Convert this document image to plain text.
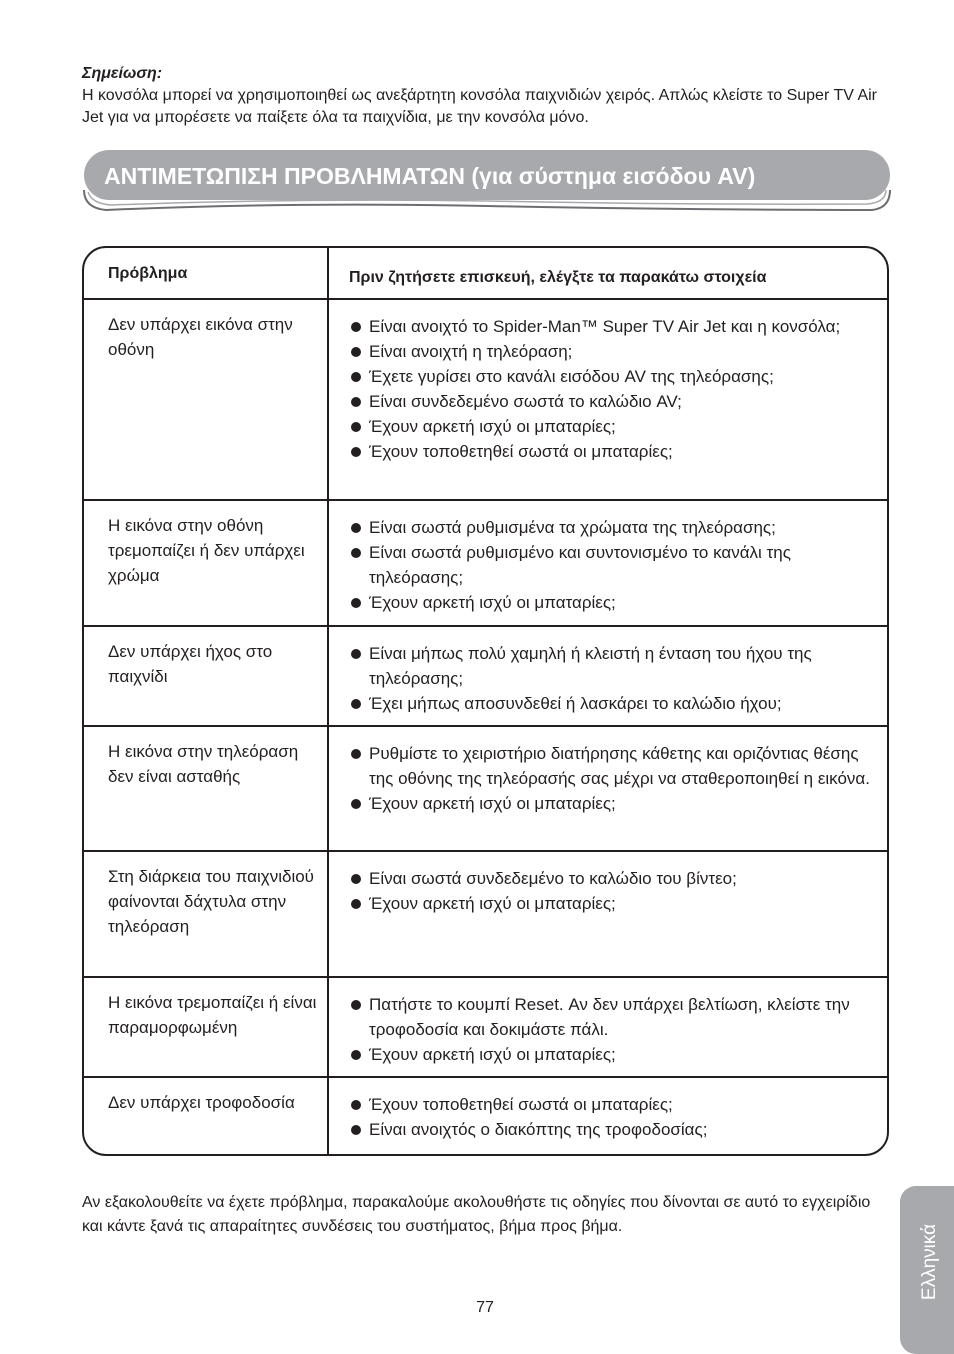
Σημείωση:
Η κονσόλα μπορεί να χρησιμοποιηθεί ως ανεξάρτητη κονσόλα παιχνιδιών χειρός. Απλώς κλείστε το Super TV Air Jet για να μπορέσετε να παίξετε όλα τα παιχνίδια, με την κονσόλα μόνο.
ΑΝΤΙΜΕΤΩΠΙΣΗ ΠΡΟΒΛΗΜΑΤΩΝ (για σύστημα εισόδου AV)
Πρόβλημα	Πριν ζητήσετε επισκευή, ελέγξτε τα παρακάτω στοιχεία
Δεν υπάρχει εικόνα στην οθόνη
Είναι ανοιχτό το Spider-Man™ Super TV Air Jet και η κονσόλα;
Είναι ανοιχτή η τηλεόραση;
Έχετε γυρίσει στο κανάλι εισόδου AV της τηλεόρασης;
Είναι συνδεδεμένο σωστά το καλώδιο AV;
Έχουν αρκετή ισχύ οι μπαταρίες;
Έχουν τοποθετηθεί σωστά οι μπαταρίες;
Η εικόνα στην οθόνη τρεμοπαίζει ή δεν υπάρχει χρώμα
Είναι σωστά ρυθμισμένα τα χρώματα της τηλεόρασης;
Είναι σωστά ρυθμισμένο και συντονισμένο το κανάλι της τηλεόρασης;
Έχουν αρκετή ισχύ οι μπαταρίες;
Δεν υπάρχει ήχος στο παιχνίδι
Είναι μήπως πολύ χαμηλή ή κλειστή η ένταση του ήχου της τηλεόρασης;
Έχει μήπως αποσυνδεθεί ή λασκάρει το καλώδιο ήχου;
Η εικόνα στην τηλεόραση δεν είναι ασταθής
Ρυθμίστε το χειριστήριο διατήρησης κάθετης και οριζόντιας θέσης της οθόνης της τηλεόρασής σας μέχρι να σταθεροποιηθεί η εικόνα.
Έχουν αρκετή ισχύ οι μπαταρίες;
Στη διάρκεια του παιχνιδιού φαίνονται δάχτυλα στην τηλεόραση
Είναι σωστά συνδεδεμένο το καλώδιο του βίντεο;
Έχουν αρκετή ισχύ οι μπαταρίες;
Η εικόνα τρεμοπαίζει ή είναι παραμορφωμένη
Πατήστε το κουμπί Reset. Αν δεν υπάρχει βελτίωση, κλείστε την τροφοδοσία και δοκιμάστε πάλι.
Έχουν αρκετή ισχύ οι μπαταρίες;
Δεν υπάρχει τροφοδοσία	Έχουν τοποθετηθεί σωστά οι μπαταρίες;
Είναι ανοιχτός ο διακόπτης της τροφοδοσίας;
Αν εξακολουθείτε να έχετε πρόβλημα, παρακαλούμε ακολουθήστε τις οδηγίες που δίνονται σε αυτό το εγχειρίδιο και κάντε ξανά τις απαραίτητες συνδέσεις του συστήματος, βήμα προς βήμα.
77
Ελληνικά
